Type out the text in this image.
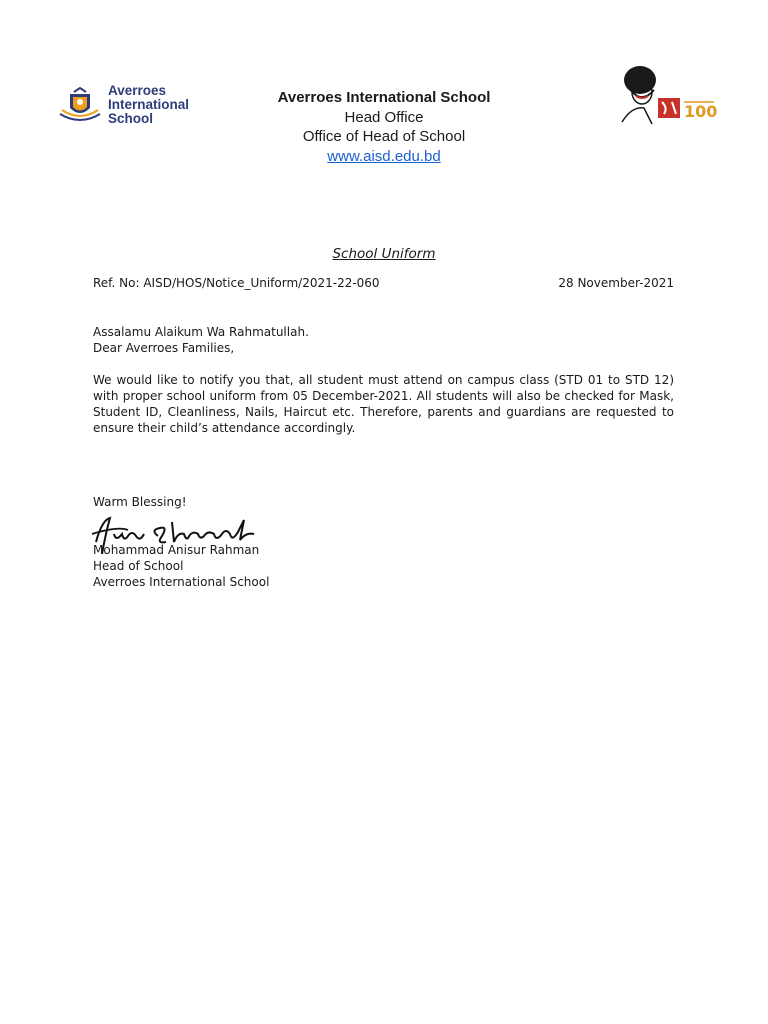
Averroes
International
School	100
Averroes International School
Head Office
Office of Head of School
www.aisd.edu.bd
School Uniform
Ref. No: AISD/HOS/Notice_Uniform/2021-22-060	28 November-2021
Assalamu Alaikum Wa Rahmatullah.
Dear Averroes Families,
We would like to notify you that, all student must attend on campus class (STD 01 to STD 12) with proper school uniform from 05 December-2021. All students will also be checked for Mask, Student ID, Cleanliness, Nails, Haircut etc. Therefore, parents and guardians are requested to ensure their child’s attendance accordingly.
Warm Blessing!
Mohammad Anisur Rahman
Head of School
Averroes International School
